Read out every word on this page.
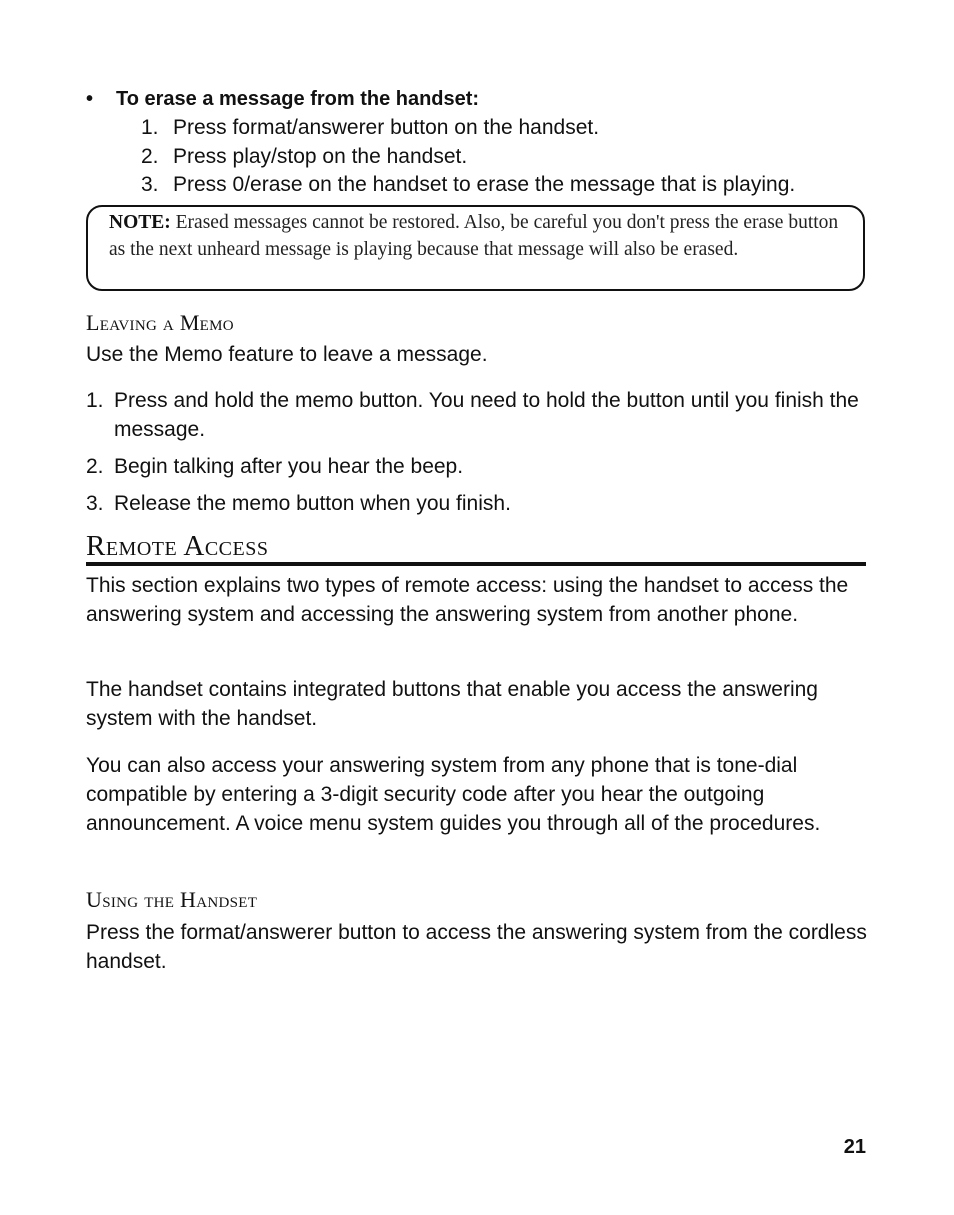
• To erase a message from the handset:
1. Press format/answerer button on the handset.
2. Press play/stop on the handset.
3. Press 0/erase on the handset to erase the message that is playing.
NOTE: Erased messages cannot be restored. Also, be careful you don't press the erase button as the next unheard message is playing because that message will also be erased.
Leaving a Memo

Use the Memo feature to leave a message.

1. Press and hold the memo button. You need to hold the button until you finish the message.
2. Begin talking after you hear the beep.
3. Release the memo button when you finish.
Remote Access

This section explains two types of remote access: using the handset to access the answering system and accessing the answering system from another phone.

The handset contains integrated buttons that enable you access the answering system with the handset.

You can also access your answering system from any phone that is tone-dial compatible by entering a 3-digit security code after you hear the outgoing announcement. A voice menu system guides you through all of the procedures.

Using the Handset

Press the format/answerer button to access the answering system from the cordless handset.

21
